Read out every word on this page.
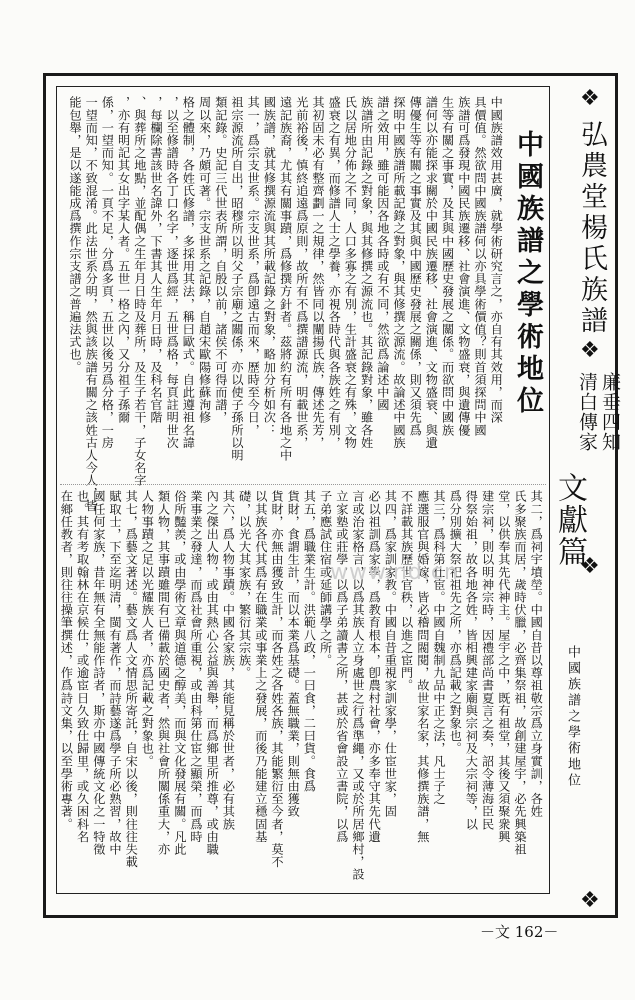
❖
❖
❖
❖
弘農堂楊氏族譜
廉垂四知
清白傳家
文獻篇
中國族譜之學術地位
中國族譜之學術地位
中國族譜效用甚廣，就學術研究言之，亦自有其效用，而深
具價值。然欲問中國族譜何以亦具學術價值？則首須探問中國
族譜可爲發現中國民族遷移、社會演進、文物盛衰，與遺傳優
生等有關之事實，及其與中國歷史發展之關係。而欲問中國族
譜何以亦能探求關於中國民族遷移、社會演進、文物盛衰、與遺
傳優生等有關之事實及其與中國歷史發展之關係，則又須先爲
探明中國族譜所載記錄之對象，與其修撰之源流。故論述中國族
譜之效用，雖可能因各地各時或有不同，然欲爲論述中國
族譜所由記錄之對象，與其修撰之源流也。其記錄對象，雖各姓
氏以居地分佈之不同，人口多寡之有別，生計盛衰之有殊，文物
盛衰之有異，而修譜人士之學養，亦視各時代與各族姓之有別，
其初固未必有整齊劃一之規律，然皆同以闡揚氏族，傳述先芳，
光前裕後，慎終追遠爲原則，故所有不爲撰譜源流，明載世系，
遠記族裔，尤其有關事蹟，爲修撰方針者。茲將約有所有各地之中
國族譜，就其修撰源流與其所載記錄之對象，略加分析如次：
其一，爲宗支世系。宗支世系，爲卽遠古而來，歷時至今日，
祖宗源流所自出，昭穆所以明父子宗廟之關係，亦以使子孫所以明
類記錄。史記三代世表所謂，自殷以前，諸侯不可得而譜，
周以來，乃頗可著。宗支世系之記錄，自趙宋歐陽修蘇洵修
格之體制，各姓氏修譜，多採用其法，稱曰歐式。自此遵祖名諱
，以至修譜時各丁口名字，逐世爲經，五世爲格，每頁註明世次
，每欄除書該世名諱外，下書其人生年月日時，及科名官階
、與葬所之地點，並配偶之生年月日時及葬所，及生子若干，子女名字
，亦有明記其女出字某人者。五世一格之內，又分祖子孫爾
係，一望而知。一頁不足，分爲多頁，五世以後另爲分格，一房
一望而知，不致混淆。此法世系分明，然與該族譜有關之該姓古人今人，皆
能包舉，是以遂能成爲撰作宗支譜之普遍法式也。
其二，爲祠宇墳塋。中國自昔以尊祖敬宗爲立身實訓，各姓
氏多聚族而居，歲時伏臘，必齊集祭祖，故創建屋宇，必先興築祖
堂，以供奉其先代神主。屋宇之中，既有祖堂，其後又須聚衆興
建宗祠，則以明神宗時，因禮部尚書夏言之奏，詔令薄海臣民
得祭始祖，故各地各姓，皆相興建家廟與宗祠及大宗祠等，以
爲分別擴大祭祀祖先之所，亦爲記載之對象也。
其三，爲科第仕宦。中國自魏制九品中正之法，凡士子之
應選服官與婚嫁，皆必稽問閥閱，故世家名家，其修撰族譜，無
不詳載其族歷世官秩，以進之宦門。
其四，爲家訓家教。中國自昔重視家訓家學，仕宦世家，固
必以祖訓爲家學，爲教育根本，卽農村社會，亦多奉守其先代遺
言或治家格言，以爲其族人立身處世之行爲準繩，又或於所居鄉村，設
立家塾或莊學，以爲子弟讀書之所，甚或於省會設立書院，以爲
子弟應試住宿或延師講學之所。
其五，爲職業生計。洪範八政，一曰食，二曰貨。食爲
貨財，食謂生計，而以本業爲基礎。蓋無職業，則無由獲致
貨財，亦無由獲致生計，而各姓之各姓各族，其能繁衍至今者，莫不
以其族各代其爲有在職業或事業上之發展，而後乃能建立穩固基
礎，以光大其家族，繁衍其宗族。
其六，爲人物事蹟。中國各家族，其能見稱於世者，必有其族
內之傑出人物，或由其熱心公益與善舉，而爲鄉里所推尊，或由職
業事業之發達，而爲社會所重視，或由科第仕宦之顯榮，而爲時
俗所豔羨，或由學術文章與道德之醇美，而與文化發展有關。凡此
類人物，其事蹟雖間有已備載於國史者，然與社會所關係重大，亦
人物事蹟之足以光耀族人者，亦爲記載之對象也。
其七，爲藝文著述。藝文爲人文情思所寄託，自宋以後，則往往失載
賦取士，下至迄明清，閩有著作，而詩藝遂爲學子所必熟習，故中
國任何家族，昔年無有全無能作詩者，斯亦中國傳統文化之一特徵
也。其有考取翰林在京候仕，或逾宦日久致仕歸里，或久困科名
在鄉任教者，則往往操筆撰述，作爲詩文集，以至學術專著。	www.nd.cn
－文 162－
